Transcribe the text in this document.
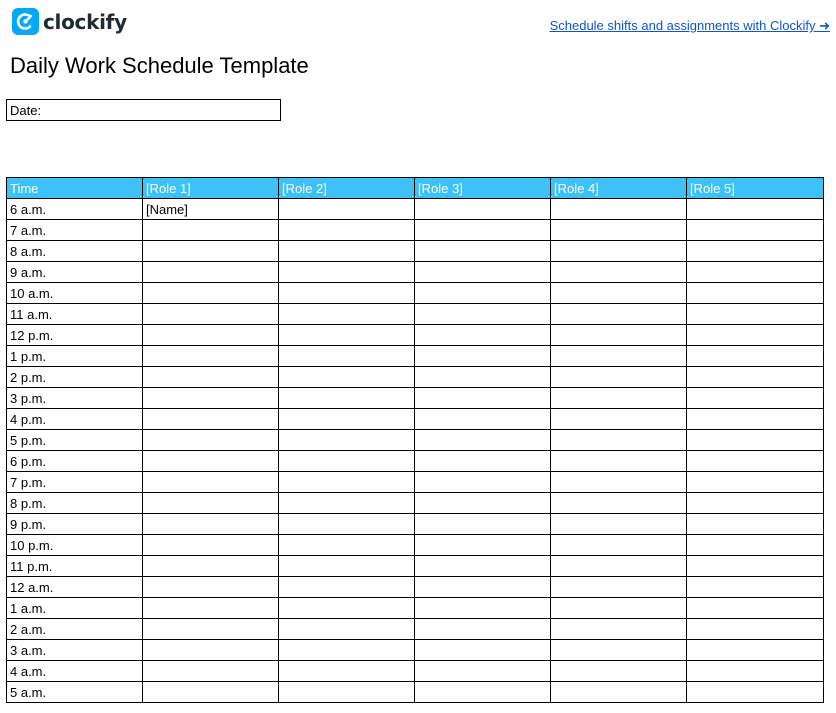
clockify	Schedule shifts and assignments with Clockify ➜
Daily Work Schedule Template
Date:
Time	[Role 1]	[Role 2]	[Role 3]	[Role 4]	[Role 5]
6 a.m.	[Name]				
7 a.m.					
8 a.m.					
9 a.m.					
10 a.m.					
11 a.m.					
12 p.m.					
1 p.m.					
2 p.m.					
3 p.m.					
4 p.m.					
5 p.m.					
6 p.m.					
7 p.m.					
8 p.m.					
9 p.m.					
10 p.m.					
11 p.m.					
12 a.m.					
1 a.m.					
2 a.m.					
3 a.m.					
4 a.m.					
5 a.m.					
